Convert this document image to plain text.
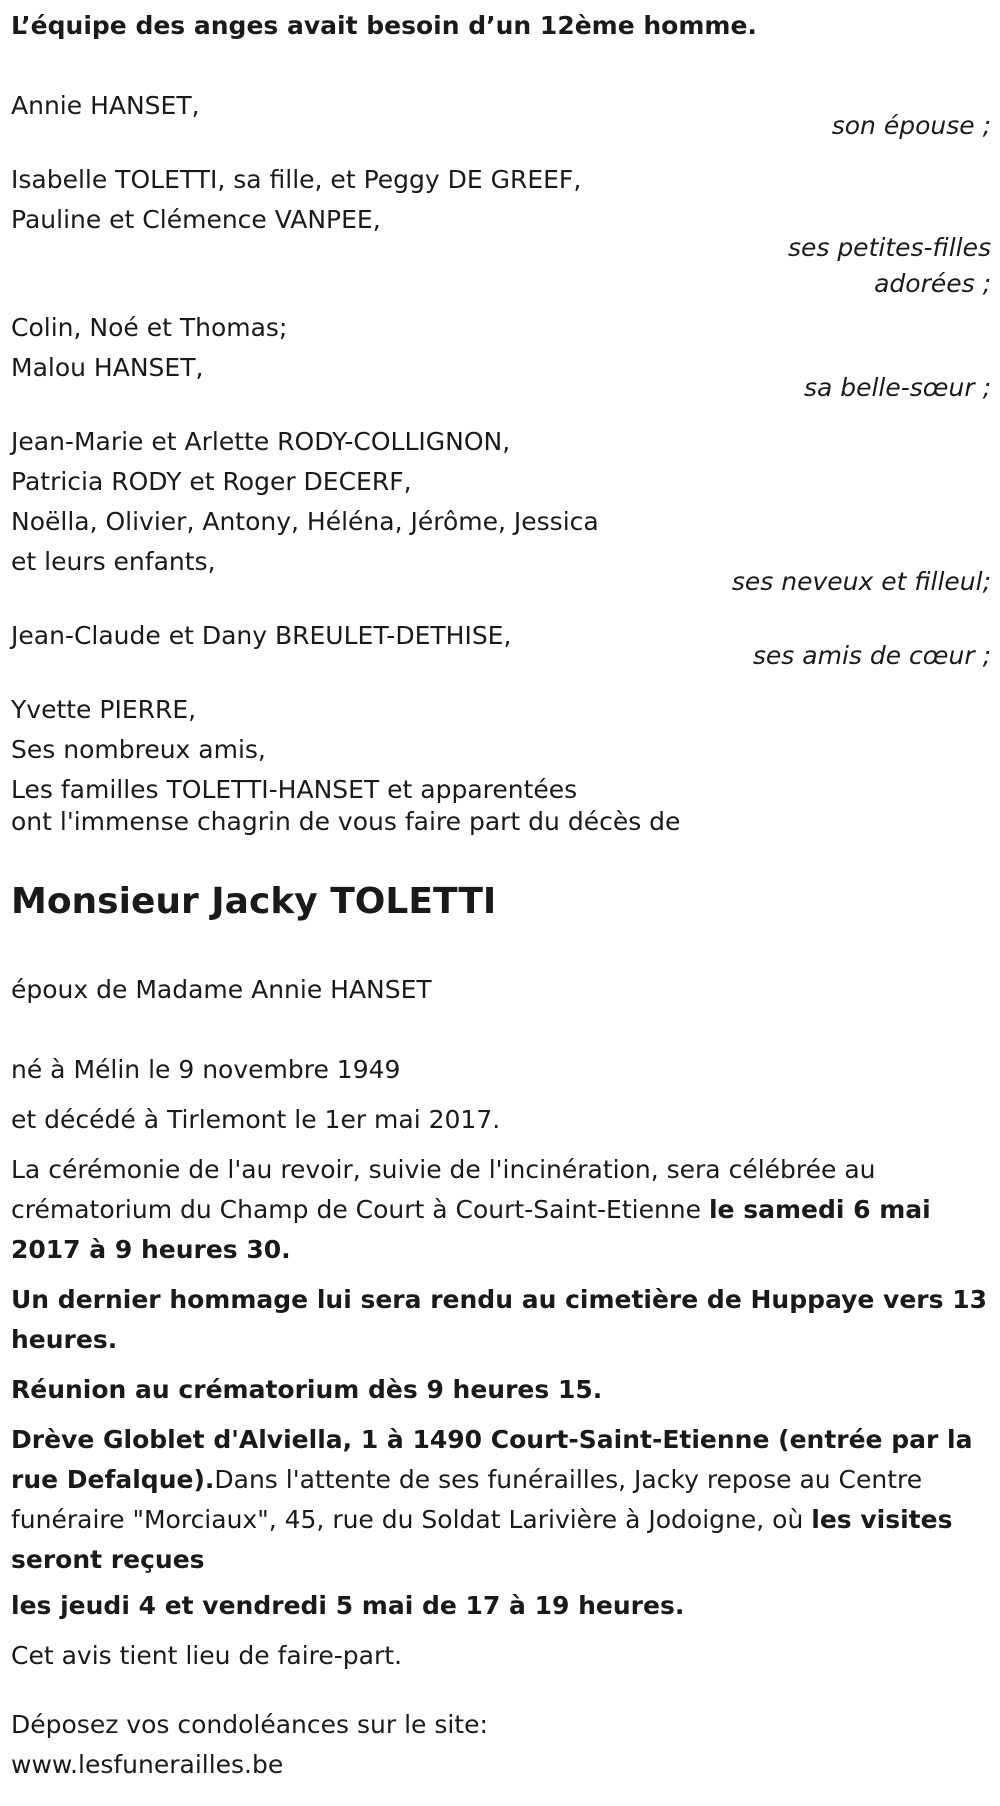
L’équipe des anges avait besoin d’un 12ème homme.
Annie HANSET,
son épouse ;
Isabelle TOLETTI, sa fille, et Peggy DE GREEF,
Pauline et Clémence VANPEE,
ses petites-filles
adorées ;
Colin, Noé et Thomas;
Malou HANSET,
sa belle-sœur ;
Jean-Marie et Arlette RODY-COLLIGNON,
Patricia RODY et Roger DECERF,
Noëlla, Olivier, Antony, Héléna, Jérôme, Jessica
et leurs enfants,
ses neveux et filleul;
Jean-Claude et Dany BREULET-DETHISE,
ses amis de cœur ;
Yvette PIERRE,
Ses nombreux amis,
Les familles TOLETTI-HANSET et apparentées
ont l'immense chagrin de vous faire part du décès de
Monsieur Jacky TOLETTI
époux de Madame Annie HANSET
né à Mélin le 9 novembre 1949
et décédé à Tirlemont le 1er mai 2017.

La cérémonie de l'au revoir, suivie de l'incinération, sera célébrée au crématorium du Champ de Court à Court-Saint-Etienne le samedi 6 mai 2017 à 9 heures 30.

Un dernier hommage lui sera rendu au cimetière de Huppaye vers 13 heures.

Réunion au crématorium dès 9 heures 15.

Drève Globlet d'Alviella, 1 à 1490 Court-Saint-Etienne (entrée par la rue Defalque).Dans l'attente de ses funérailles, Jacky repose au Centre funéraire "Morciaux", 45, rue du Soldat Larivière à Jodoigne, où les visites seront reçues

les jeudi 4 et vendredi 5 mai de 17 à 19 heures.

Cet avis tient lieu de faire-part.

Déposez vos condoléances sur le site:
www.lesfunerailles.be
